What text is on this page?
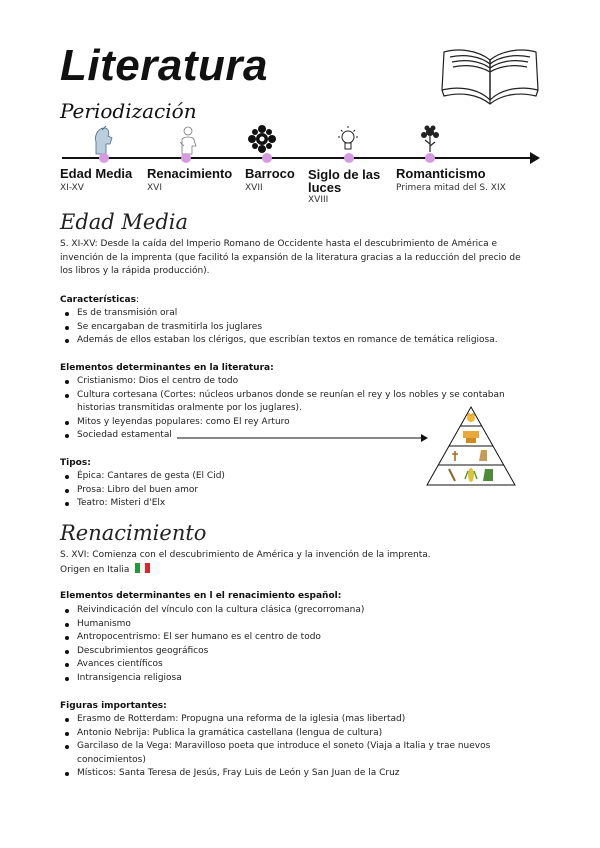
Literatura
Periodización
Edad Media
XI-XV
Renacimiento
XVI
Barroco
XVII
Siglo de las luces
XVIII
Romanticismo
Primera mitad del S. XIX
Edad Media
S. XI-XV: Desde la caída del Imperio Romano de Occidente hasta el descubrimiento de América e invención de la imprenta (que facilitó la expansión de la literatura gracias a la reducción del precio de los libros y la rápida producción).
Características:
Es de transmisión oral
Se encargaban de trasmitirla los juglares
Además de ellos estaban los clérigos, que escribían textos en romance de temática religiosa.
Elementos determinantes en la literatura:
Cristianismo: Dios el centro de todo
Cultura cortesana (Cortes: núcleos urbanos donde se reunían el rey y los nobles y se contaban historias transmitidas oralmente por los juglares).
Mitos y leyendas populares: como El rey Arturo
Sociedad estamental
Tipos:
Épica: Cantares de gesta (El Cid)
Prosa: Libro del buen amor
Teatro: Misteri d'Elx
Renacimiento
S. XVI: Comienza con el descubrimiento de América y la invención de la imprenta.
Origen en Italia
Elementos determinantes en l el renacimiento español:
Reivindicación del vínculo con la cultura clásica (grecorromana)
Humanismo
Antropocentrismo: El ser humano es el centro de todo
Descubrimientos geográficos
Avances científicos
Intransigencia religiosa
Figuras importantes:
Erasmo de Rotterdam: Propugna una reforma de la iglesia (mas libertad)
Antonio Nebrija: Publica la gramática castellana (lengua de cultura)
Garcilaso de la Vega: Maravilloso poeta que introduce el soneto (Viaja a Italia y trae nuevos conocimientos)
Místicos: Santa Teresa de Jesús, Fray Luis de León y San Juan de la Cruz
